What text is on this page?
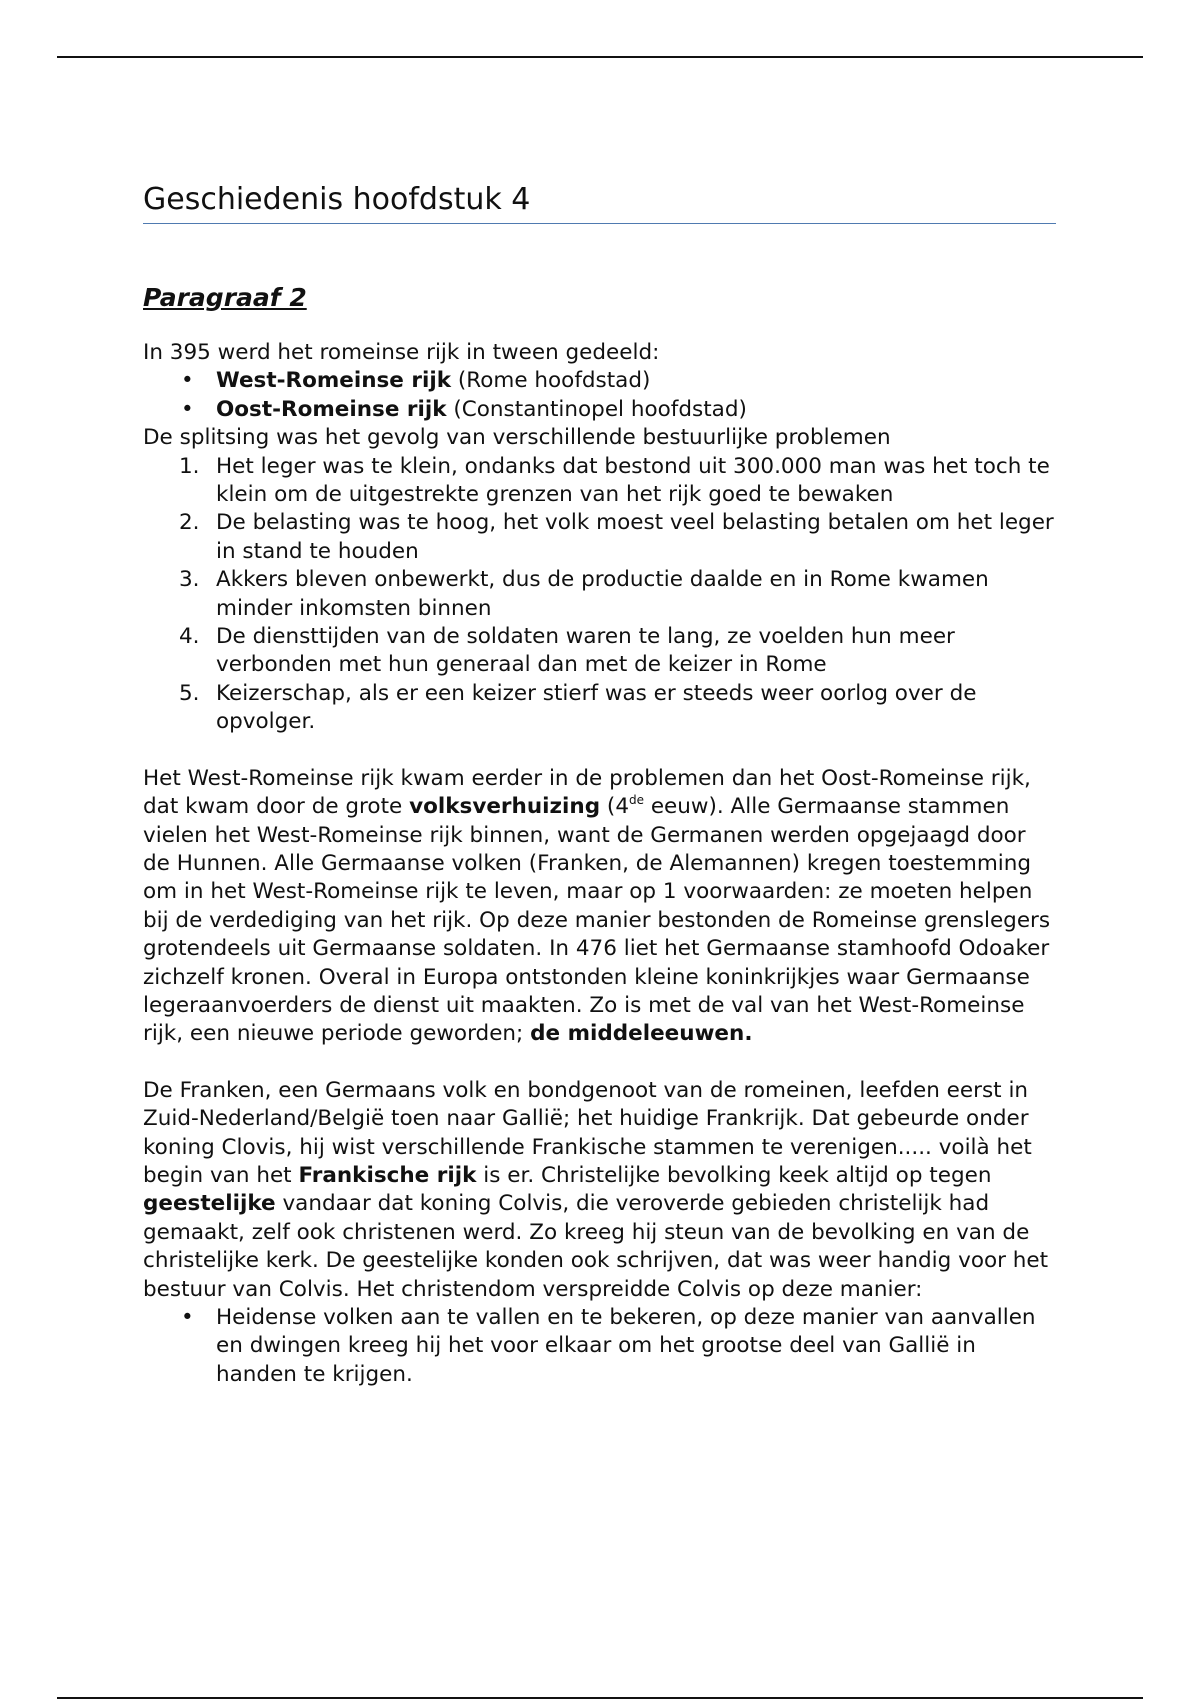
Geschiedenis hoofdstuk 4
Paragraaf 2

In 395 werd het romeinse rijk in tween gedeeld:

• West-Romeinse rijk (Rome hoofdstad)
• Oost-Romeinse rijk (Constantinopel hoofdstad)

De splitsing was het gevolg van verschillende bestuurlijke problemen

1. Het leger was te klein, ondanks dat bestond uit 300.000 man was het toch te klein om de uitgestrekte grenzen van het rijk goed te bewaken
2. De belasting was te hoog, het volk moest veel belasting betalen om het leger in stand te houden
3. Akkers bleven onbewerkt, dus de productie daalde en in Rome kwamen minder inkomsten binnen
4. De diensttijden van de soldaten waren te lang, ze voelden hun meer verbonden met hun generaal dan met de keizer in Rome
5. Keizerschap, als er een keizer stierf was er steeds weer oorlog over de opvolger.

Het West-Romeinse rijk kwam eerder in de problemen dan het Oost-Romeinse rijk, dat kwam door de grote volksverhuizing (4de eeuw). Alle Germaanse stammen vielen het West-Romeinse rijk binnen, want de Germanen werden opgejaagd door de Hunnen. Alle Germaanse volken (Franken, de Alemannen) kregen toestemming om in het West-Romeinse rijk te leven, maar op 1 voorwaarden: ze moeten helpen bij de verdediging van het rijk. Op deze manier bestonden de Romeinse grenslegers grotendeels uit Germaanse soldaten. In 476 liet het Germaanse stamhoofd Odoaker zichzelf kronen. Overal in Europa ontstonden kleine koninkrijkjes waar Germaanse legeraanvoerders de dienst uit maakten. Zo is met de val van het West-Romeinse rijk, een nieuwe periode geworden; de middeleeuwen.

De Franken, een Germaans volk en bondgenoot van de romeinen, leefden eerst in Zuid-Nederland/België toen naar Gallië; het huidige Frankrijk. Dat gebeurde onder koning Clovis, hij wist verschillende Frankische stammen te verenigen..... voilà het begin van het Frankische rijk is er. Christelijke bevolking keek altijd op tegen geestelijke vandaar dat koning Colvis, die veroverde gebieden christelijk had gemaakt, zelf ook christenen werd. Zo kreeg hij steun van de bevolking en van de christelijke kerk. De geestelijke konden ook schrijven, dat was weer handig voor het bestuur van Colvis. Het christendom verspreidde Colvis op deze manier:

• Heidense volken aan te vallen en te bekeren, op deze manier van aanvallen en dwingen kreeg hij het voor elkaar om het grootse deel van Gallië in handen te krijgen.
